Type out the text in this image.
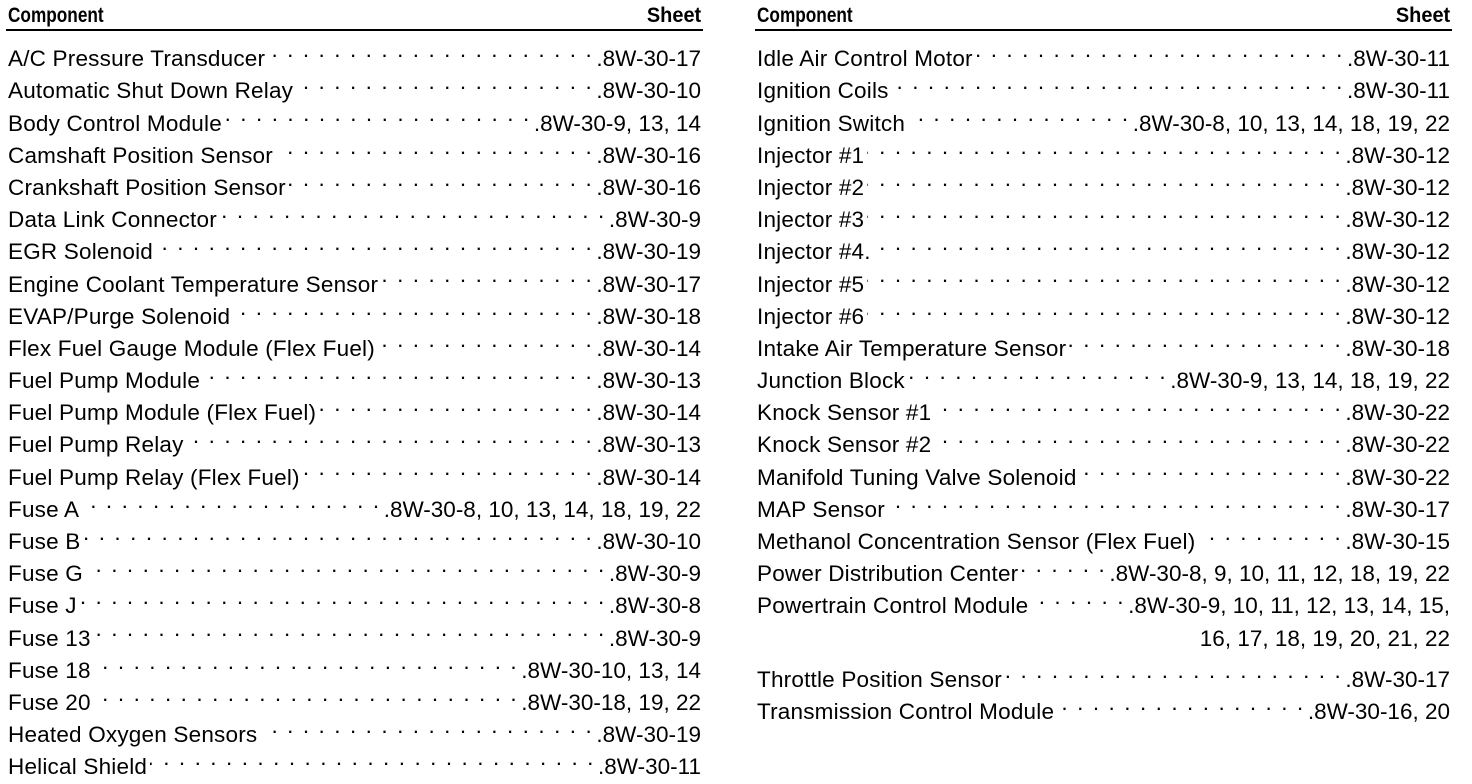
Component	Sheet
A/C Pressure Transducer . . .	.8W-30-17
Automatic Shut Down Relay . . .	.8W-30-10
Body Control Module . . .	.8W-30-9, 13, 14
Camshaft Position Sensor . . .	.8W-30-16
Crankshaft Position Sensor . . .	.8W-30-16
Data Link Connector . . .	.8W-30-9
EGR Solenoid . . .	.8W-30-19
Engine Coolant Temperature Sensor . . .	.8W-30-17
EVAP/Purge Solenoid . . .	.8W-30-18
Flex Fuel Gauge Module (Flex Fuel) . . .	.8W-30-14
Fuel Pump Module . . .	.8W-30-13
Fuel Pump Module (Flex Fuel) . . .	.8W-30-14
Fuel Pump Relay . . .	.8W-30-13
Fuel Pump Relay (Flex Fuel) . . .	.8W-30-14
Fuse A . . .	.8W-30-8, 10, 13, 14, 18, 19, 22
Fuse B . . .	.8W-30-10
Fuse G . . .	.8W-30-9
Fuse J . . .	.8W-30-8
Fuse 13 . . .	.8W-30-9
Fuse 18 . . .	.8W-30-10, 13, 14
Fuse 20 . . .	.8W-30-18, 19, 22
Heated Oxygen Sensors . . .	.8W-30-19
Helical Shield . . .	.8W-30-11
Component	Sheet
Idle Air Control Motor . . .	.8W-30-11
Ignition Coils . . .	.8W-30-11
Ignition Switch . . .	.8W-30-8, 10, 13, 14, 18, 19, 22
Injector #1 . . .	.8W-30-12
Injector #2 . . .	.8W-30-12
Injector #3 . . .	.8W-30-12
Injector #4. . . .	.8W-30-12
Injector #5 . . .	.8W-30-12
Injector #6 . . .	.8W-30-12
Intake Air Temperature Sensor . . .	.8W-30-18
Junction Block . . .	.8W-30-9, 13, 14, 18, 19, 22
Knock Sensor #1 . . .	.8W-30-22
Knock Sensor #2 . . .	.8W-30-22
Manifold Tuning Valve Solenoid . . .	.8W-30-22
MAP Sensor . . .	.8W-30-17
Methanol Concentration Sensor (Flex Fuel) . . .	.8W-30-15
Power Distribution Center . . .	.8W-30-8, 9, 10, 11, 12, 18, 19, 22
Powertrain Control Module . . .	.8W-30-9, 10, 11, 12, 13, 14, 15,
16, 17, 18, 19, 20, 21, 22
Throttle Position Sensor . . .	.8W-30-17
Transmission Control Module . . .	.8W-30-16, 20
